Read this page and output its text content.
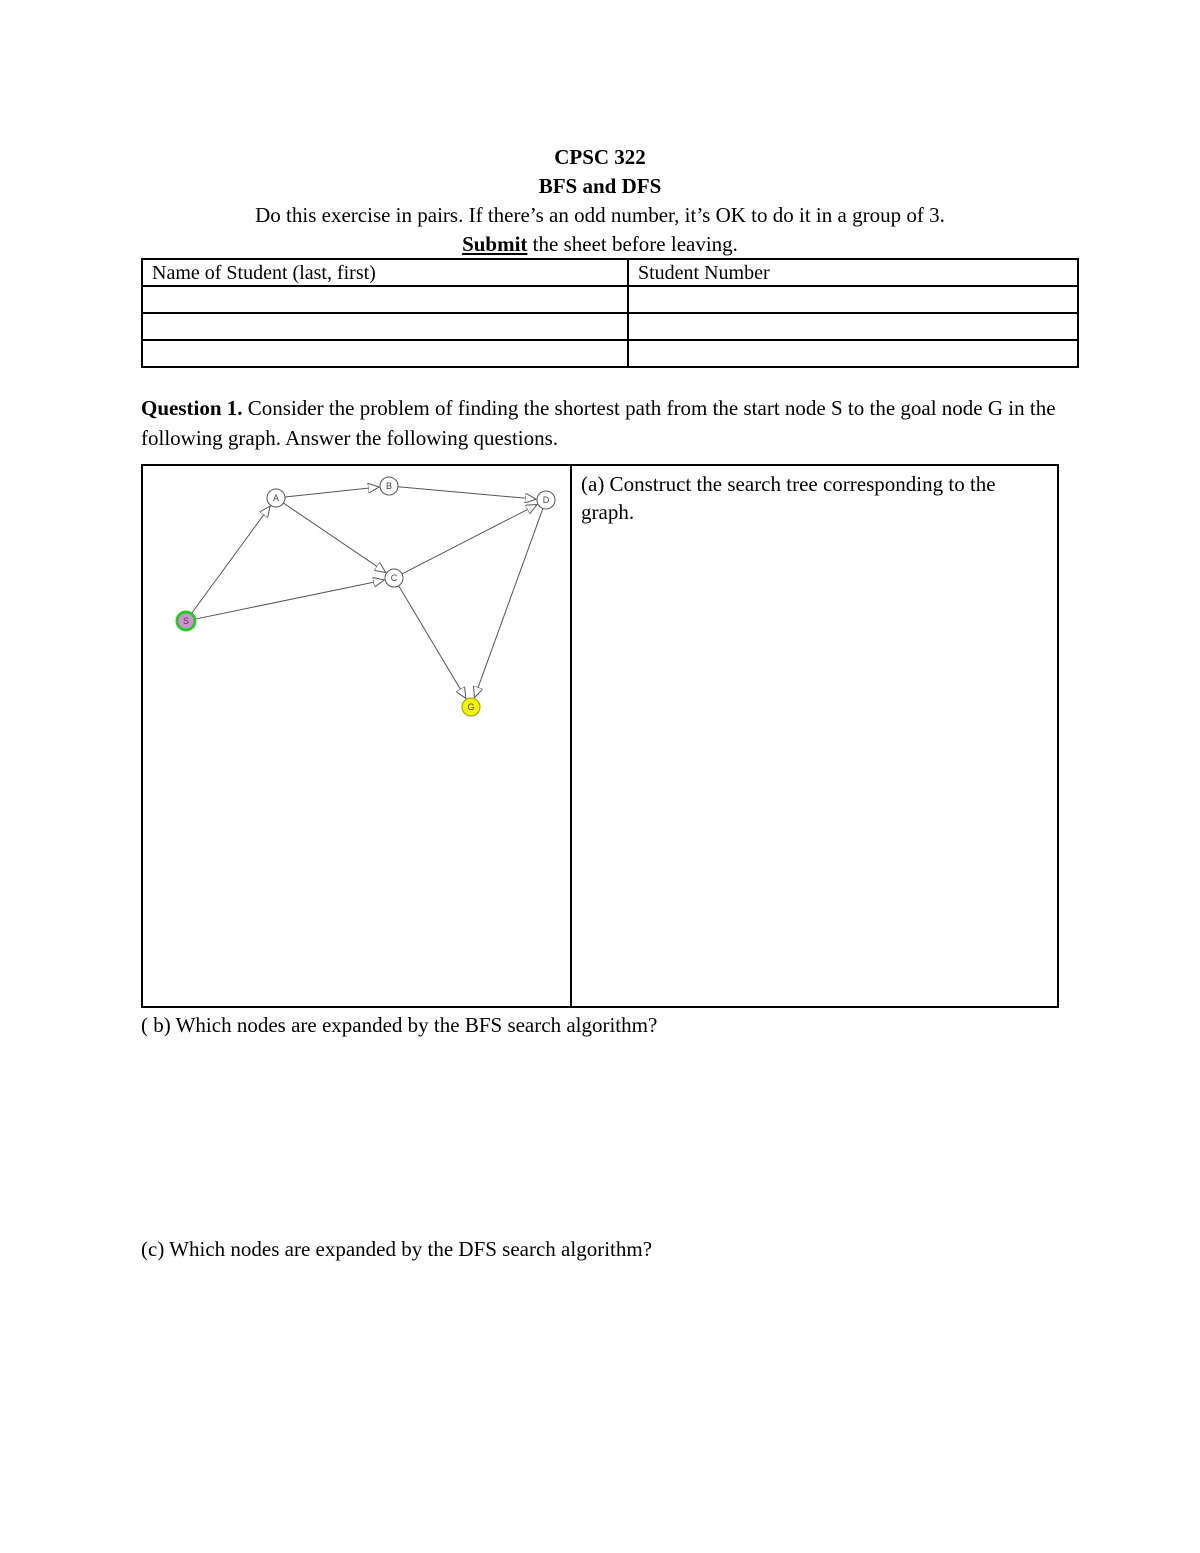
CPSC 322
BFS and DFS
Do this exercise in pairs. If there’s an odd number, it’s OK to do it in a group of 3.
Submit the sheet before leaving.
Name of Student (last, first)	Student Number

Question 1. Consider the problem of finding the shortest path from the start node S to the goal node G in the following graph. Answer the following questions.
S
A
B
C
D
G
(a) Construct the search tree corresponding to the graph.
( b) Which nodes are expanded by the BFS search algorithm?
(c) Which nodes are expanded by the DFS search algorithm?
